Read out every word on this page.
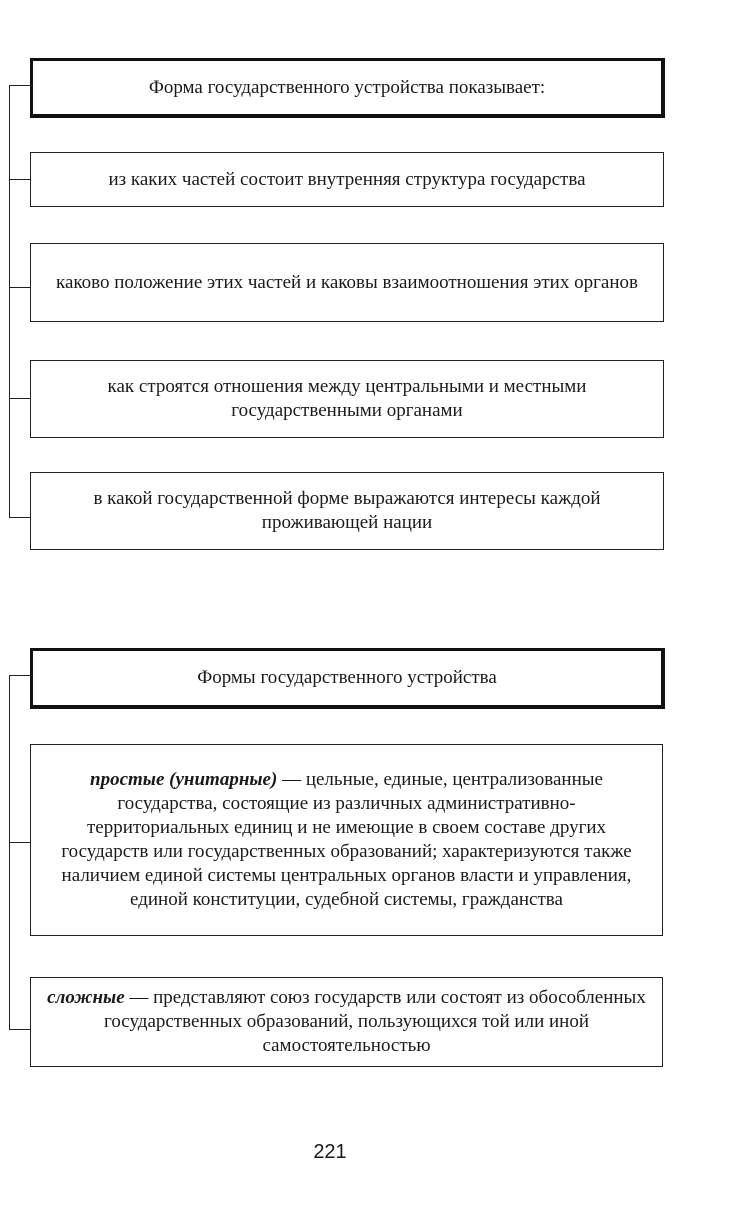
Форма государственного устройства показывает:
из каких частей состоит внутренняя структура государства
каково положение этих частей и каковы взаимоотношения этих органов
как строятся отношения между центральными и местными государственными органами
в какой государственной форме выражаются интересы каждой проживающей нации
Формы государственного устройства
простые (унитарные) — цельные, единые, централизованные государства, состоящие из различных административно-территориальных единиц и не имеющие в своем составе других государств или государственных образований; характеризуются также наличием единой системы центральных органов власти и управления, единой конституции, судебной системы, гражданства
сложные — представляют союз государств или состоят из обособленных государственных образований, пользующихся той или иной самостоятельностью
221
